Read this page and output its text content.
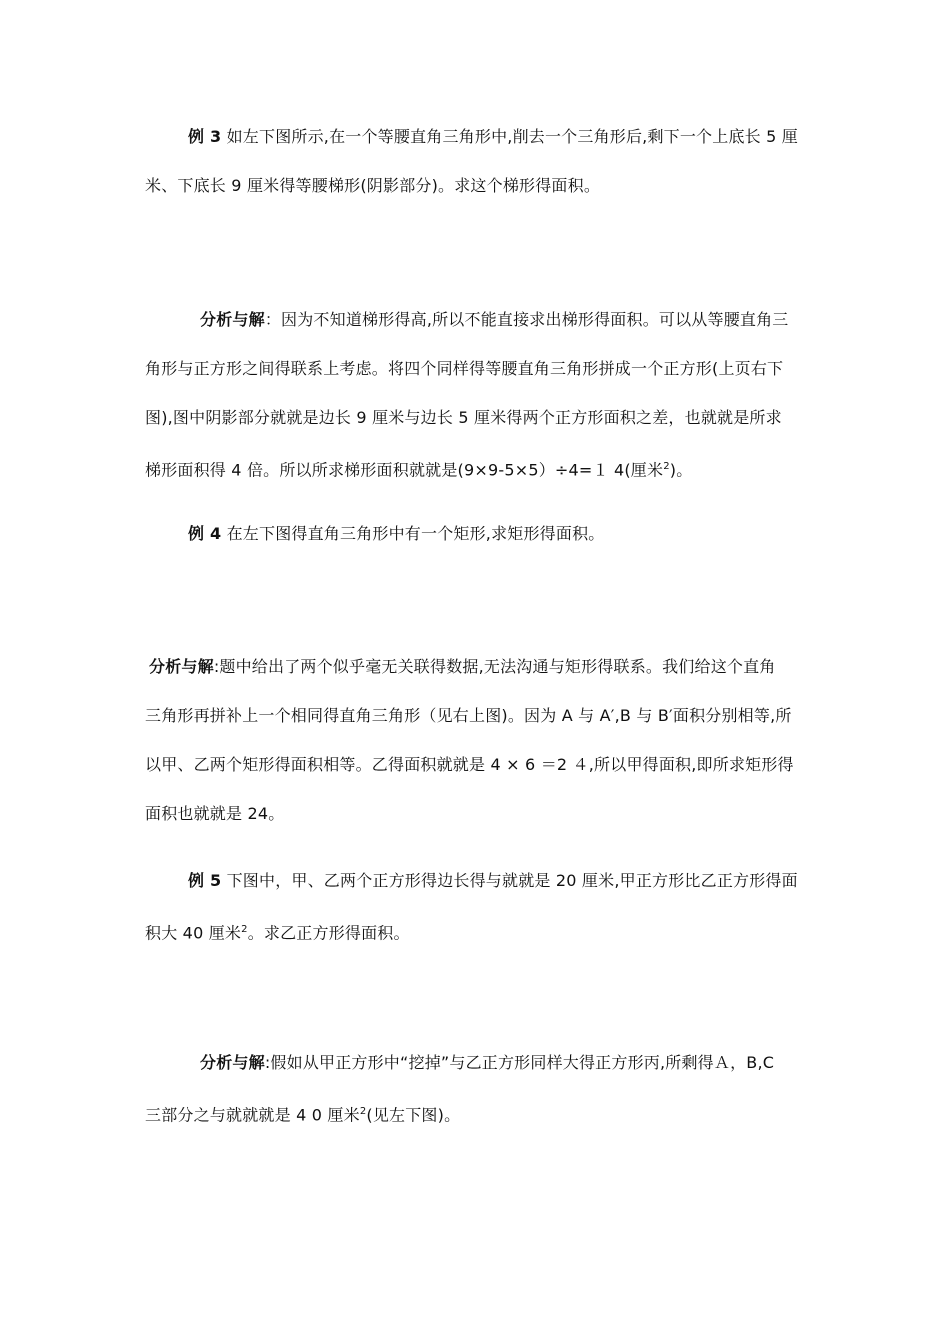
例 3 如左下图所示,在一个等腰直角三角形中,削去一个三角形后,剩下一个上底长 5 厘
米、下底长 9 厘米得等腰梯形(阴影部分)。求这个梯形得面积。
分析与解：因为不知道梯形得高,所以不能直接求出梯形得面积。可以从等腰直角三
角形与正方形之间得联系上考虑。将四个同样得等腰直角三角形拼成一个正方形(上页右下
图),图中阴影部分就就是边长 9 厘米与边长 5 厘米得两个正方形面积之差，也就就是所求
梯形面积得 4 倍。所以所求梯形面积就就是(9×9-5×5）÷4=１ 4(厘米$^2$)。
例 4 在左下图得直角三角形中有一个矩形,求矩形得面积。
分析与解:题中给出了两个似乎毫无关联得数据,无法沟通与矩形得联系。我们给这个直角
三角形再拼补上一个相同得直角三角形（见右上图)。因为 A 与 A′,B 与 B′面积分别相等,所
以甲、乙两个矩形得面积相等。乙得面积就就是 4 × 6 ＝2 ４,所以甲得面积,即所求矩形得
面积也就就是 24。
例 5 下图中，甲、乙两个正方形得边长得与就就是 20 厘米,甲正方形比乙正方形得面
积大 40 厘米$^2$。求乙正方形得面积。
分析与解:假如从甲正方形中“挖掉”与乙正方形同样大得正方形丙,所剩得Ａ，B,C
三部分之与就就就是 4 0 厘米$^2$(见左下图)。
